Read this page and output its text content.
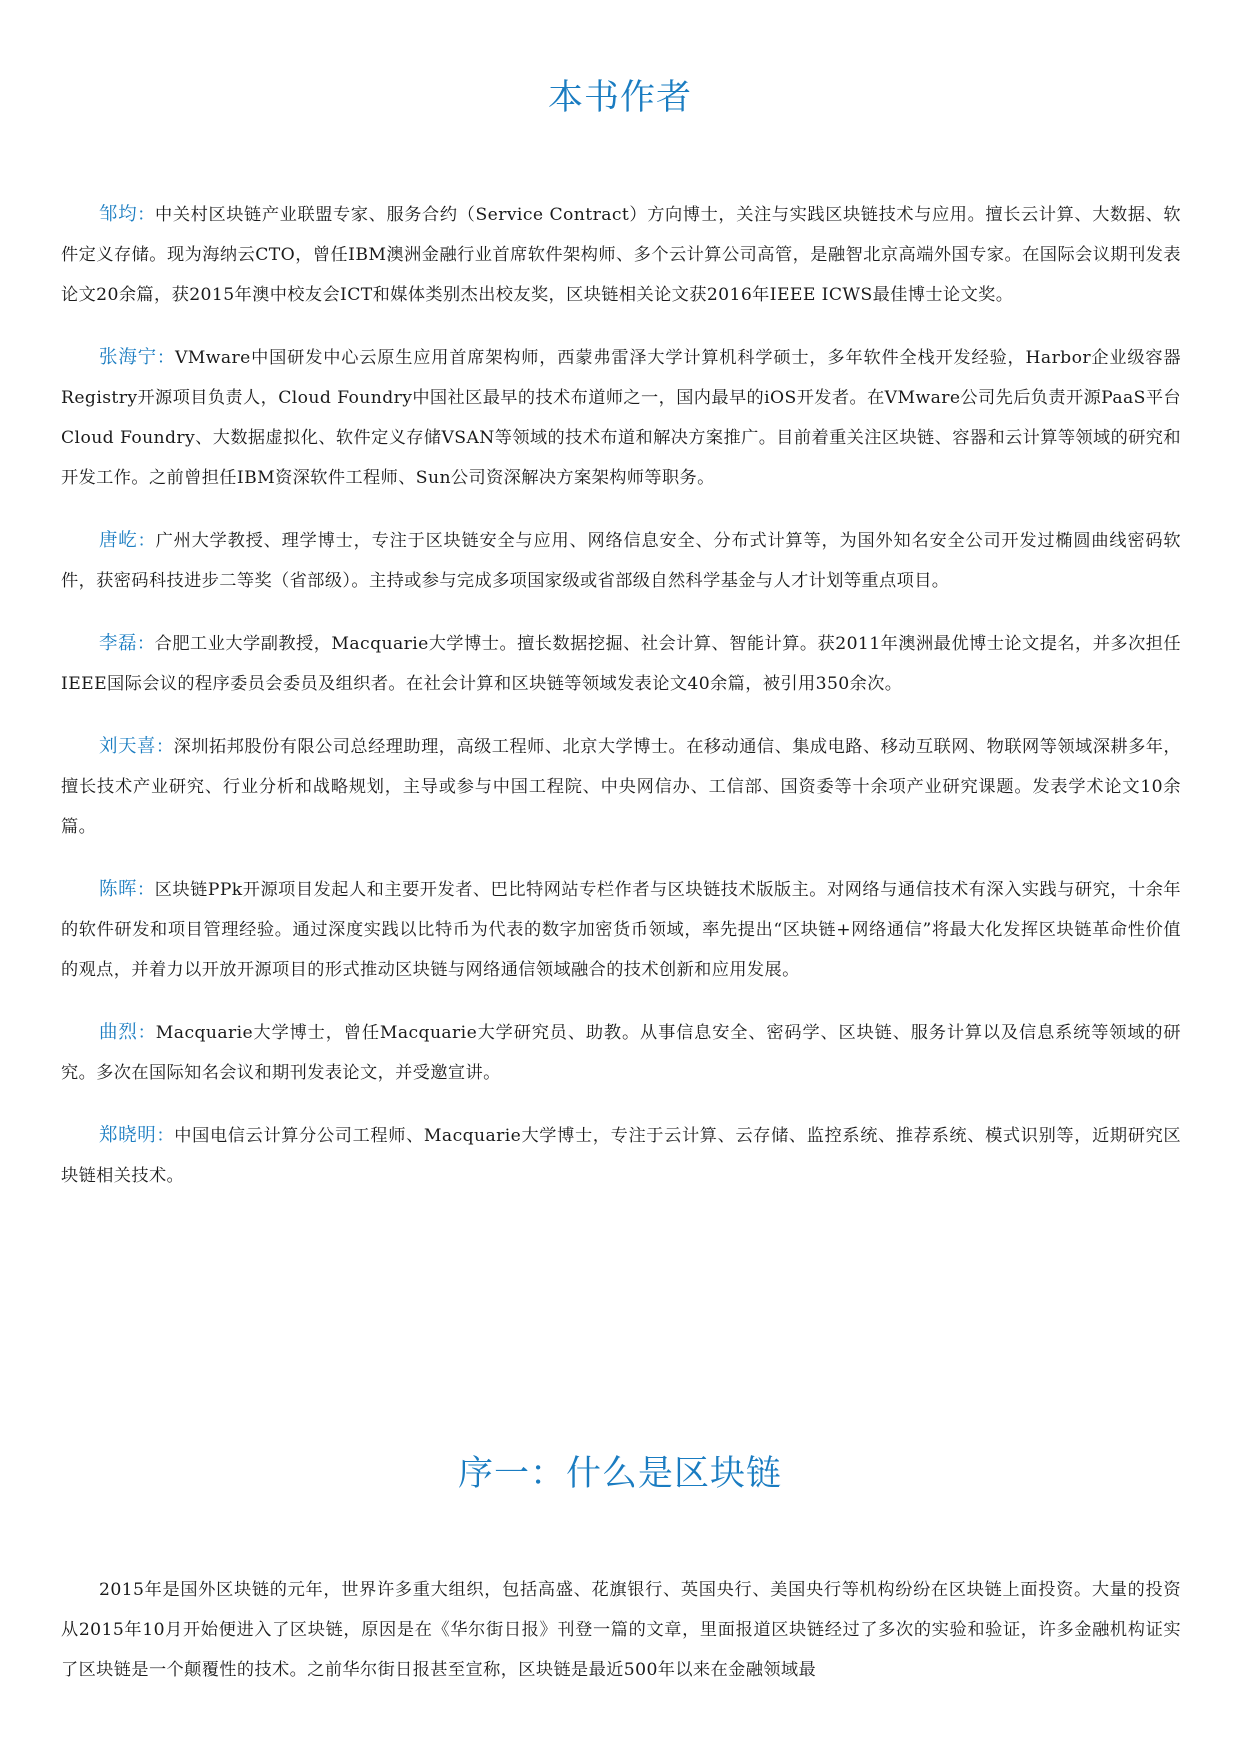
本书作者

邹均：中关村区块链产业联盟专家、服务合约（Service Contract）方向博士，关注与实践区块链技术与应用。擅长云计算、大数据、软件定义存储。现为海纳云CTO，曾任IBM澳洲金融行业首席软件架构师、多个云计算公司高管，是融智北京高端外国专家。在国际会议期刊发表论文20余篇，获2015年澳中校友会ICT和媒体类别杰出校友奖，区块链相关论文获2016年IEEE ICWS最佳博士论文奖。

张海宁：VMware中国研发中心云原生应用首席架构师，西蒙弗雷泽大学计算机科学硕士，多年软件全栈开发经验，Harbor企业级容器Registry开源项目负责人，Cloud Foundry中国社区最早的技术布道师之一，国内最早的iOS开发者。在VMware公司先后负责开源PaaS平台Cloud Foundry、大数据虚拟化、软件定义存储VSAN等领域的技术布道和解决方案推广。目前着重关注区块链、容器和云计算等领域的研究和开发工作。之前曾担任IBM资深软件工程师、Sun公司资深解决方案架构师等职务。

唐屹：广州大学教授、理学博士，专注于区块链安全与应用、网络信息安全、分布式计算等，为国外知名安全公司开发过椭圆曲线密码软件，获密码科技进步二等奖（省部级）。主持或参与完成多项国家级或省部级自然科学基金与人才计划等重点项目。

李磊：合肥工业大学副教授，Macquarie大学博士。擅长数据挖掘、社会计算、智能计算。获2011年澳洲最优博士论文提名，并多次担任IEEE国际会议的程序委员会委员及组织者。在社会计算和区块链等领域发表论文40余篇，被引用350余次。

刘天喜：深圳拓邦股份有限公司总经理助理，高级工程师、北京大学博士。在移动通信、集成电路、移动互联网、物联网等领域深耕多年，擅长技术产业研究、行业分析和战略规划，主导或参与中国工程院、中央网信办、工信部、国资委等十余项产业研究课题。发表学术论文10余篇。

陈晖：区块链PPk开源项目发起人和主要开发者、巴比特网站专栏作者与区块链技术版版主。对网络与通信技术有深入实践与研究，十余年的软件研发和项目管理经验。通过深度实践以比特币为代表的数字加密货币领域，率先提出“区块链+网络通信”将最大化发挥区块链革命性价值的观点，并着力以开放开源项目的形式推动区块链与网络通信领域融合的技术创新和应用发展。

曲烈：Macquarie大学博士，曾任Macquarie大学研究员、助教。从事信息安全、密码学、区块链、服务计算以及信息系统等领域的研究。多次在国际知名会议和期刊发表论文，并受邀宣讲。

郑晓明：中国电信云计算分公司工程师、Macquarie大学博士，专注于云计算、云存储、监控系统、推荐系统、模式识别等，近期研究区块链相关技术。

序一：什么是区块链

2015年是国外区块链的元年，世界许多重大组织，包括高盛、花旗银行、英国央行、美国央行等机构纷纷在区块链上面投资。大量的投资从2015年10月开始便进入了区块链，原因是在《华尔街日报》刊登一篇的文章，里面报道区块链经过了多次的实验和验证，许多金融机构证实了区块链是一个颠覆性的技术。之前华尔街日报甚至宣称，区块链是最近500年以来在金融领域最
